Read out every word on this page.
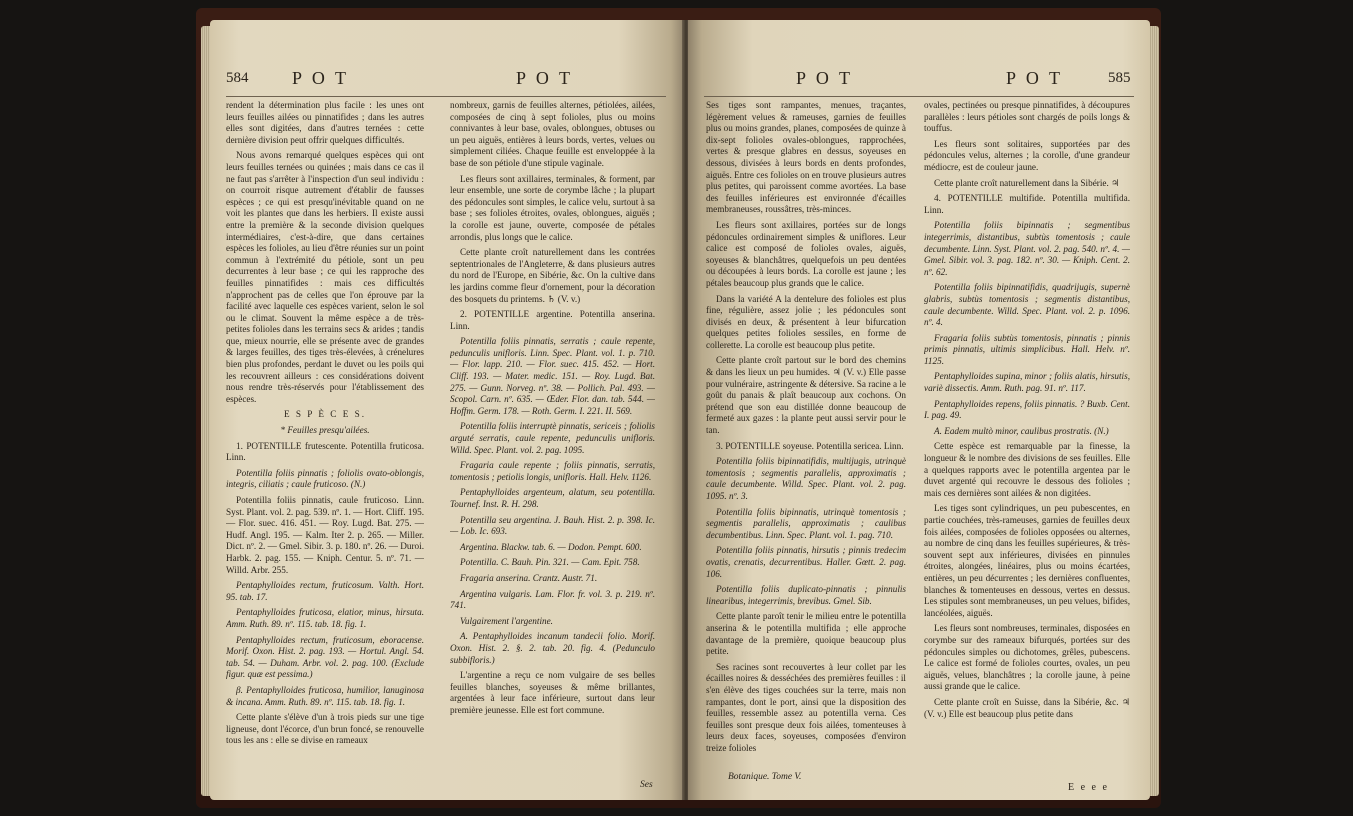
584 P O T	P O T

rendent la détermination plus facile : les unes ont leurs feuilles ailées ou pinnatifides ; dans les autres elles sont digitées, dans d'autres ternées : cette dernière division peut offrir quelques difficultés.

Nous avons remarqué quelques espèces qui ont leurs feuilles ternées ou quinées ; mais dans ce cas il ne faut pas s'arrêter à l'inspection d'un seul individu : on courroit risque autrement d'établir de fausses espèces ; ce qui est presqu'inévitable quand on ne voit les plantes que dans les herbiers. Il existe aussi entre la première & la seconde division quelques intermédiaires, c'est-à-dire, que dans certaines espèces les folioles, au lieu d'être réunies sur un point commun à l'extrémité du pétiole, sont un peu decurrentes à leur base ; ce qui les rapproche des feuilles pinnatifides : mais ces difficultés n'approchent pas de celles que l'on éprouve par la facilité avec laquelle ces espèces varient, selon le sol ou le climat. Souvent la même espèce a de très-petites folioles dans les terrains secs & arides ; tandis que, mieux nourrie, elle se présente avec de grandes & larges feuilles, des tiges très-élevées, à crénelures bien plus profondes, perdant le duvet ou les poils qui les recouvrent ailleurs : ces considérations doivent nous rendre très-réservés pour l'établissement des espèces.

E S P È C E S.

* Feuilles presqu'ailées.

1. POTENTILLE frutescente. Potentilla fruticosa. Linn.

Potentilla foliis pinnatis ; foliolis ovato-oblongis, integris, ciliatis ; caule fruticoso. (N.)

Potentilla foliis pinnatis, caule fruticoso. Linn. Syst. Plant. vol. 2. pag. 539. nº. 1. — Hort. Cliff. 195. — Flor. suec. 416. 451. — Roy. Lugd. Bat. 275. — Hudf. Angl. 195. — Kalm. Iter 2. p. 265. — Miller. Dict. nº. 2. — Gmel. Sibir. 3. p. 180. nº. 26. — Duroi. Harbk. 2. pag. 155. — Kniph. Centur. 5. nº. 71. — Willd. Arbr. 255.

Pentaphylloides rectum, fruticosum. Valth. Hort. 95. tab. 17.

Pentaphylloides fruticosa, elatior, minus, hirsuta. Amm. Ruth. 89. nº. 115. tab. 18. fig. 1.

Pentaphylloides rectum, fruticosum, eboracense. Morif. Oxon. Hist. 2. pag. 193. — Hortul. Angl. 54. tab. 54. — Duham. Arbr. vol. 2. pag. 100. (Exclude figur. quæ est pessima.)

β. Pentaphylloides fruticosa, humilior, lanuginosa & incana. Amm. Ruth. 89. nº. 115. tab. 18. fig. 1.

Cette plante s'élève d'un à trois pieds sur une tige ligneuse, dont l'écorce, d'un brun foncé, se renouvelle tous les ans : elle se divise en rameaux

nombreux, garnis de feuilles alternes, pétiolées, ailées, composées de cinq à sept folioles, plus ou moins connivantes à leur base, ovales, oblongues, obtuses ou un peu aiguës, entières à leurs bords, vertes, velues ou simplement ciliées. Chaque feuille est enveloppée à la base de son pétiole d'une stipule vaginale.

Les fleurs sont axillaires, terminales, & forment, par leur ensemble, une sorte de corymbe lâche ; la plupart des pédoncules sont simples, le calice velu, surtout à sa base ; ses folioles étroites, ovales, oblongues, aiguës ; la corolle est jaune, ouverte, composée de pétales arrondis, plus longs que le calice.

Cette plante croît naturellement dans les contrées septentrionales de l'Angleterre, & dans plusieurs autres du nord de l'Europe, en Sibérie, &c. On la cultive dans les jardins comme fleur d'ornement, pour la décoration des bosquets du printems. ♄ (V. v.)

2. POTENTILLE argentine. Potentilla anserina. Linn.

Potentilla foliis pinnatis, serratis ; caule repente, pedunculis unifloris. Linn. Spec. Plant. vol. 1. p. 710. — Flor. lapp. 210. — Flor. suec. 415. 452. — Hort. Cliff. 193. — Mater. medic. 151. — Roy. Lugd. Bat. 275. — Gunn. Norveg. nº. 38. — Pollich. Pal. 493. — Scopol. Carn. nº. 635. — Œder. Flor. dan. tab. 544. — Hoffm. Germ. 178. — Roth. Germ. I. 221. II. 569.

Potentilla foliis interruptè pinnatis, sericeis ; foliolis arguté serratis, caule repente, pedunculis unifloris. Willd. Spec. Plant. vol. 2. pag. 1095.

Fragaria caule repente ; foliis pinnatis, serratis, tomentosis ; petiolis longis, unifloris. Hall. Helv. 1126.

Pentaphylloides argenteum, alatum, seu potentilla. Tournef. Inst. R. H. 298.

Potentilla seu argentina. J. Bauh. Hist. 2. p. 398. Ic. — Lob. Ic. 693.

Argentina. Blackw. tab. 6. — Dodon. Pempt. 600.

Potentilla. C. Bauh. Pin. 321. — Cam. Epit. 758.

Fragaria anserina. Crantz. Austr. 71.

Argentina vulgaris. Lam. Flor. fr. vol. 3. p. 219. nº. 741.

Vulgairement l'argentine.

A. Pentaphylloides incanum tandecii folio. Morif. Oxon. Hist. 2. §. 2. tab. 20. fig. 4. (Pedunculo subbifloris.)

L'argentine a reçu ce nom vulgaire de ses belles feuilles blanches, soyeuses & même brillantes, argentées à leur face inférieure, surtout dans leur première jeunesse. Elle est fort commune.

Ses
P O T	P O T	585

Ses tiges sont rampantes, menues, traçantes, légèrement velues & rameuses, garnies de feuilles plus ou moins grandes, planes, composées de quinze à dix-sept folioles ovales-oblongues, rapprochées, vertes & presque glabres en dessus, soyeuses en dessous, divisées à leurs bords en dents profondes, aiguës. Entre ces folioles on en trouve plusieurs autres plus petites, qui paroissent comme avortées. La base des feuilles inférieures est environnée d'écailles membraneuses, roussâtres, très-minces.

Les fleurs sont axillaires, portées sur de longs pédoncules ordinairement simples & uniflores. Leur calice est composé de folioles ovales, aiguës, soyeuses & blanchâtres, quelquefois un peu dentées ou découpées à leurs bords. La corolle est jaune ; les pétales beaucoup plus grands que le calice.

Dans la variété A la dentelure des folioles est plus fine, régulière, assez jolie ; les pédoncules sont divisés en deux, & présentent à leur bifurcation quelques petites folioles sessiles, en forme de collerette. La corolle est beaucoup plus petite.

Cette plante croît partout sur le bord des chemins & dans les lieux un peu humides. ♃ (V. v.) Elle passe pour vulnéraire, astringente & détersive. Sa racine a le goût du panais & plaît beaucoup aux cochons. On prétend que son eau distillée donne beaucoup de fermeté aux gazes : la plante peut aussi servir pour le tan.

3. POTENTILLE soyeuse. Potentilla sericea. Linn.

Potentilla foliis bipinnatifidis, multijugis, utrinquè tomentosis ; segmentis parallelis, approximatis ; caule decumbente. Willd. Spec. Plant. vol. 2. pag. 1095. nº. 3.

Potentilla foliis bipinnatis, utrinquè tomentosis ; segmentis parallelis, approximatis ; caulibus decumbentibus. Linn. Spec. Plant. vol. 1. pag. 710.

Potentilla foliis pinnatis, hirsutis ; pinnis tredecim ovatis, crenatis, decurrentibus. Haller. Gœtt. 2. pag. 106.

Potentilla foliis duplicato-pinnatis ; pinnulis linearibus, integerrimis, brevibus. Gmel. Sib.

Cette plante paroît tenir le milieu entre le potentilla anserina & le potentilla multifida ; elle approche davantage de la première, quoique beaucoup plus petite.

Ses racines sont recouvertes à leur collet par les écailles noires & desséchées des premières feuilles : il s'en élève des tiges couchées sur la terre, mais non rampantes, dont le port, ainsi que la disposition des feuilles, ressemble assez au potentilla verna. Ces feuilles sont presque deux fois ailées, tomenteuses à leurs deux faces, soyeuses, composées d'environ treize folioles

Botanique. Tome V.

ovales, pectinées ou presque pinnatifides, à découpures parallèles : leurs pétioles sont chargés de poils longs & touffus.

Les fleurs sont solitaires, supportées par des pédoncules velus, alternes ; la corolle, d'une grandeur médiocre, est de couleur jaune.

Cette plante croît naturellement dans la Sibérie. ♃

4. POTENTILLE multifide. Potentilla multifida. Linn.

Potentilla foliis bipinnatis ; segmentibus integerrimis, distantibus, subtùs tomentosis ; caule decumbente. Linn. Syst. Plant. vol. 2. pag. 540. nº. 4. — Gmel. Sibir. vol. 3. pag. 182. nº. 30. — Kniph. Cent. 2. nº. 62.

Potentilla foliis bipinnatifidis, quadrijugis, supernè glabris, subtùs tomentosis ; segmentis distantibus, caule decumbente. Willd. Spec. Plant. vol. 2. p. 1096. nº. 4.

Fragaria foliis subtùs tomentosis, pinnatis ; pinnis primis pinnatis, ultimis simplicibus. Hall. Helv. nº. 1125.

Pentaphylloides supina, minor ; foliis alatis, hirsutis, variè dissectis. Amm. Ruth. pag. 91. nº. 117.

Pentaphylloides repens, foliis pinnatis. ? Buxb. Cent. I. pag. 49.

A. Eadem multò minor, caulibus prostratis. (N.)

Cette espèce est remarquable par la finesse, la longueur & le nombre des divisions de ses feuilles. Elle a quelques rapports avec le potentilla argentea par le duvet argenté qui recouvre le dessous des folioles ; mais ces dernières sont ailées & non digitées.

Les tiges sont cylindriques, un peu pubescentes, en partie couchées, très-rameuses, garnies de feuilles deux fois ailées, composées de folioles opposées ou alternes, au nombre de cinq dans les feuilles supérieures, & très-souvent sept aux inférieures, divisées en pinnules étroites, alongées, linéaires, plus ou moins écartées, entières, un peu décurrentes ; les dernières confluentes, blanches & tomenteuses en dessous, vertes en dessus. Les stipules sont membraneuses, un peu velues, bifides, lancéolées, aiguës.

Les fleurs sont nombreuses, terminales, disposées en corymbe sur des rameaux bifurqués, portées sur des pédoncules simples ou dichotomes, grêles, pubescens. Le calice est formé de folioles courtes, ovales, un peu aiguës, velues, blanchâtres ; la corolle jaune, à peine aussi grande que le calice.

Cette plante croît en Suisse, dans la Sibérie, &c. ♃ (V. v.) Elle est beaucoup plus petite dans

E e e e
